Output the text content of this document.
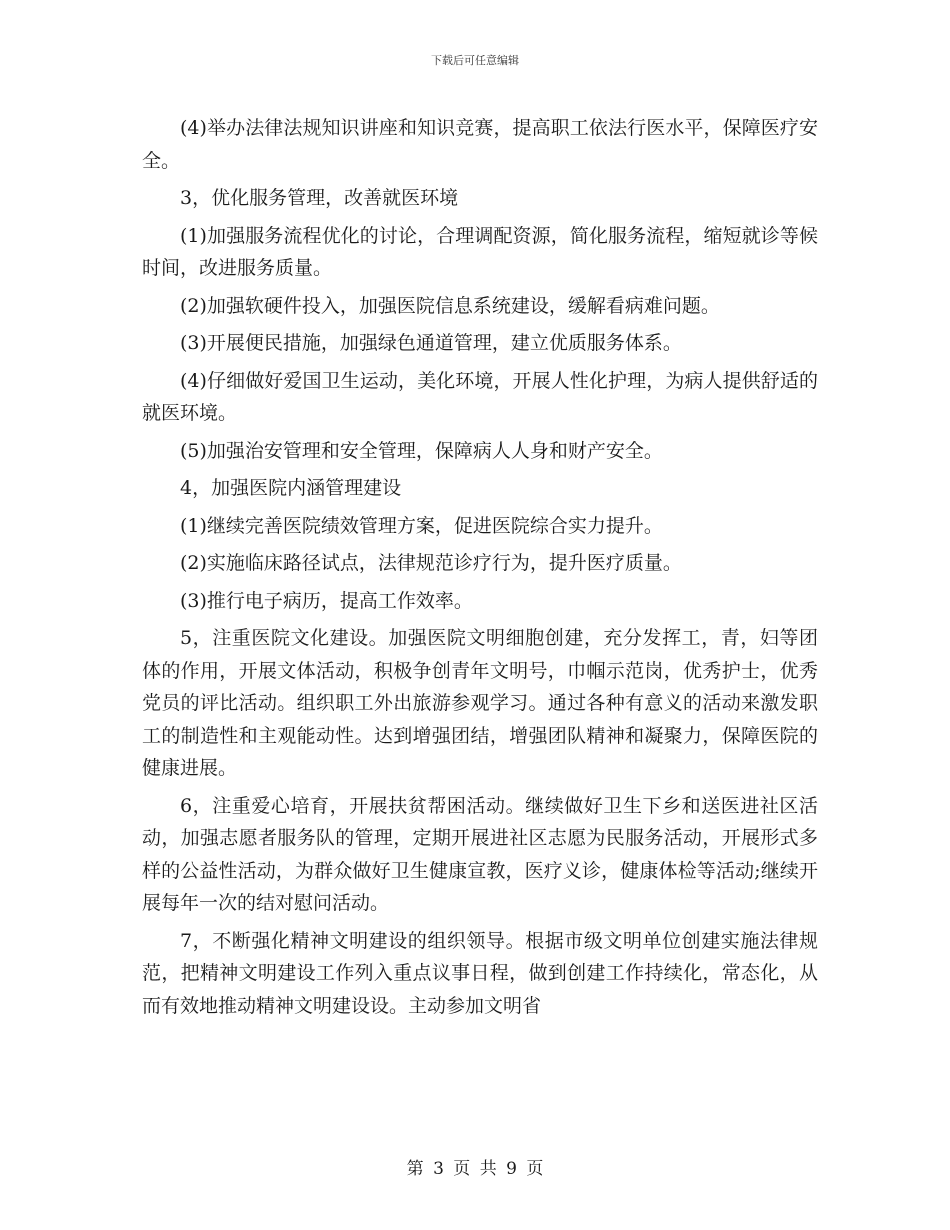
下载后可任意编辑

(4)举办法律法规知识讲座和知识竞赛，提高职工依法行医水平，保障医疗安全。

3，优化服务管理，改善就医环境

(1)加强服务流程优化的讨论，合理调配资源，简化服务流程，缩短就诊等候时间，改进服务质量。

(2)加强软硬件投入，加强医院信息系统建设，缓解看病难问题。

(3)开展便民措施，加强绿色通道管理，建立优质服务体系。

(4)仔细做好爱国卫生运动，美化环境，开展人性化护理，为病人提供舒适的就医环境。

(5)加强治安管理和安全管理，保障病人人身和财产安全。

4，加强医院内涵管理建设

(1)继续完善医院绩效管理方案，促进医院综合实力提升。

(2)实施临床路径试点，法律规范诊疗行为，提升医疗质量。

(3)推行电子病历，提高工作效率。

5，注重医院文化建设。加强医院文明细胞创建，充分发挥工，青，妇等团体的作用，开展文体活动，积极争创青年文明号，巾帼示范岗，优秀护士，优秀党员的评比活动。组织职工外出旅游参观学习。通过各种有意义的活动来激发职工的制造性和主观能动性。达到增强团结，增强团队精神和凝聚力，保障医院的健康进展。

6，注重爱心培育，开展扶贫帮困活动。继续做好卫生下乡和送医进社区活动，加强志愿者服务队的管理，定期开展进社区志愿为民服务活动，开展形式多样的公益性活动，为群众做好卫生健康宣教，医疗义诊，健康体检等活动;继续开展每年一次的结对慰问活动。

7，不断强化精神文明建设的组织领导。根据市级文明单位创建实施法律规范，把精神文明建设工作列入重点议事日程，做到创建工作持续化，常态化，从而有效地推动精神文明建设设。主动参加文明省

第 3 页 共 9 页
